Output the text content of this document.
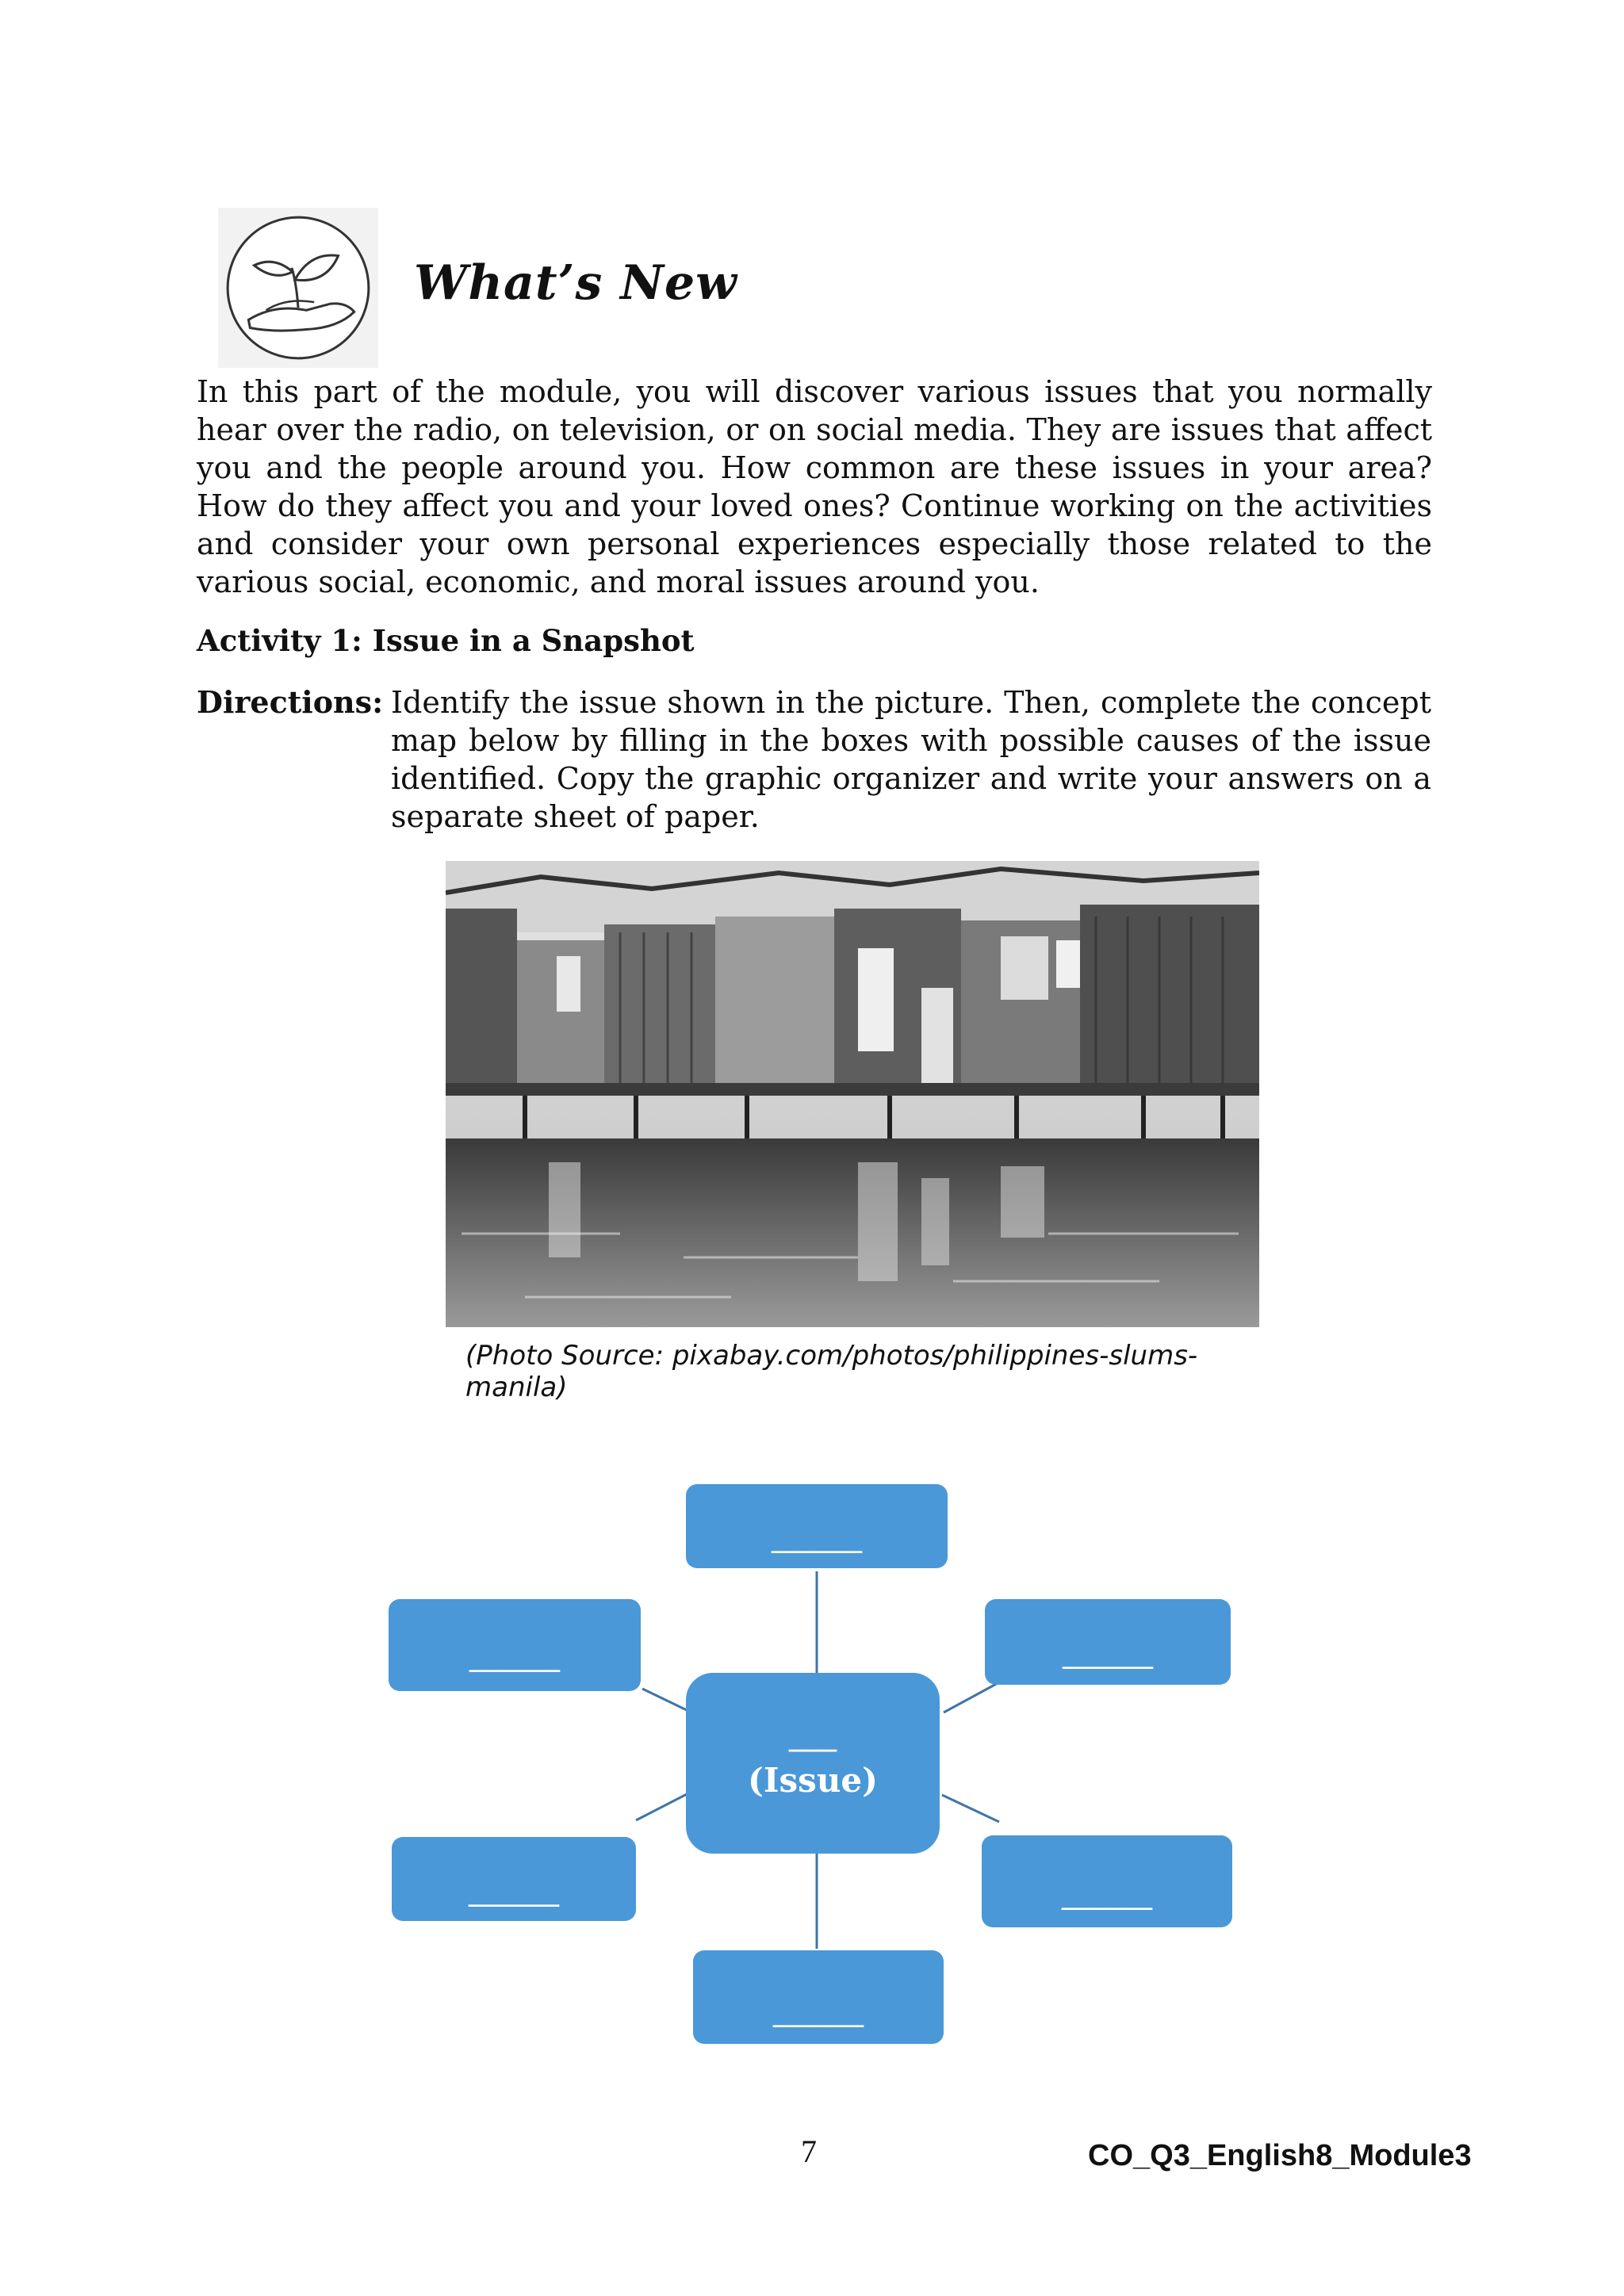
What’s New
In this part of the module, you will discover various issues that you normally hear over the radio, on television, or on social media. They are issues that affect you and the people around you. How common are these issues in your area? How do they affect you and your loved ones? Continue working on the activities and consider your own personal experiences especially those related to the various social, economic, and moral issues around you.
Activity 1: Issue in a Snapshot
Directions: Identify the issue shown in the picture. Then, complete the concept map below by filling in the boxes with possible causes of the issue identified. Copy the graphic organizer and write your answers on a separate sheet of paper.
(Photo Source: pixabay.com/photos/philippines-slums-manila)
______
______	______
___
(Issue)
______	______
______
7	CO_Q3_English8_Module3
